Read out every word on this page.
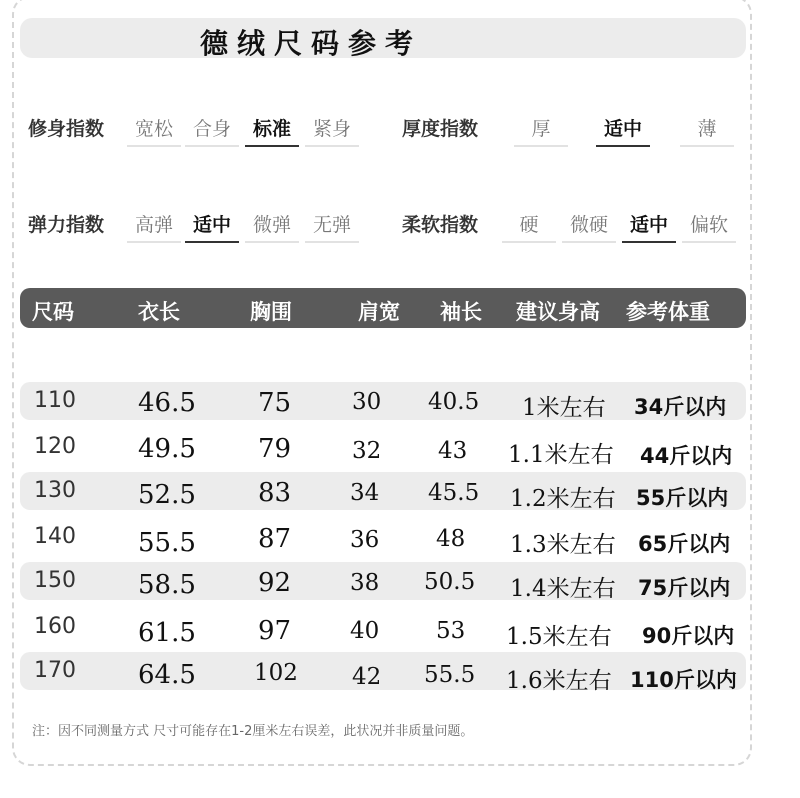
德绒尺码参考
修身指数	宽松	合身	标准	紧身	厚度指数	厚	适中	薄
弹力指数	高弹	适中	微弹	无弹	柔软指数	硬	微硬	适中	偏软
尺码	衣长	胸围	肩宽 袖长 建议身高 参考体重
110 46.5 75	30 40.5 1米左右 34斤以内
120 49.5 79	32 43 1.1米左右 44斤以内
130 52.5 83	34 45.5 1.2米左右 55斤以内
140 55.5 87	36 48 1.3米左右 65斤以内
150 58.5 92	38 50.5 1.4米左右 75斤以内
160 61.5 97	40 53 1.5米左右 90斤以内
170 64.5	102 42 55.5 1.6米左右 110斤以内
注：因不同测量方式 尺寸可能存在1-2厘米左右误差，此状况并非质量问题。
